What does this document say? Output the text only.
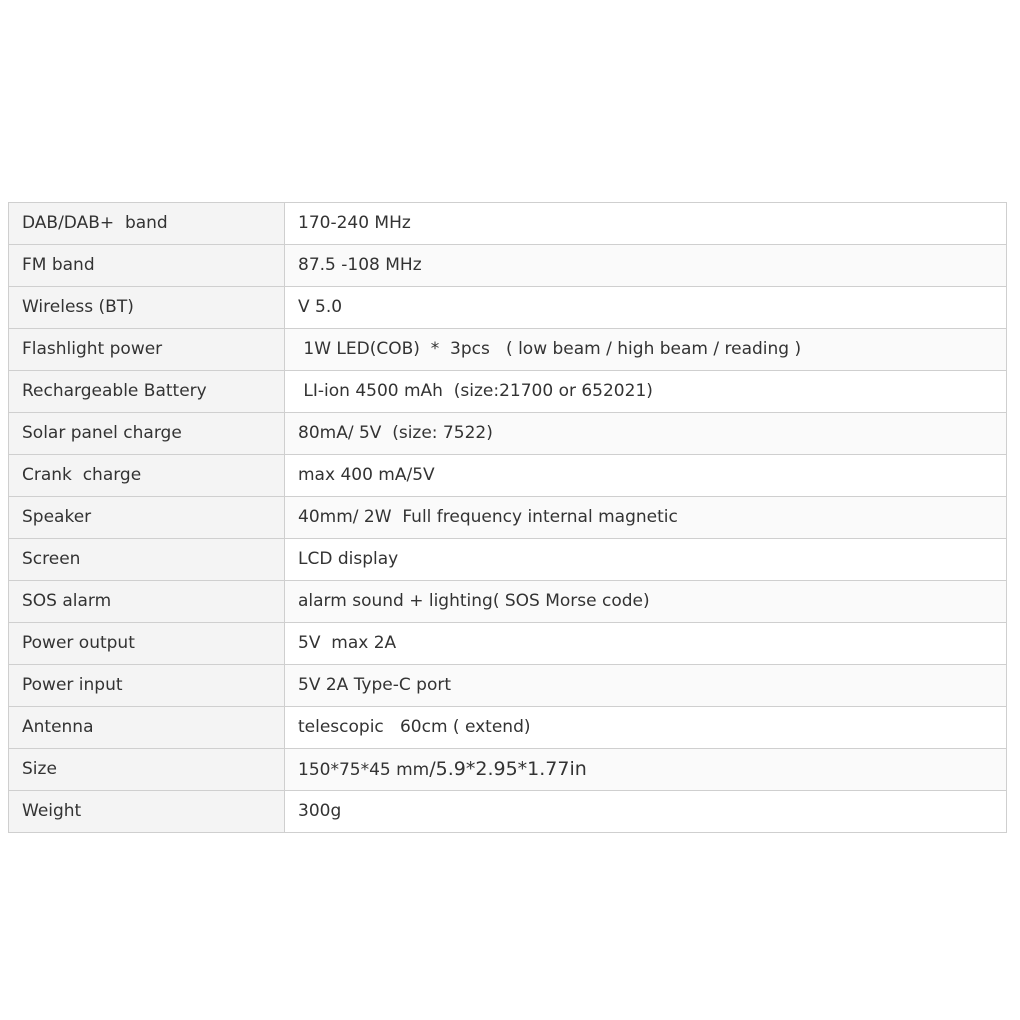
DAB/DAB+  band	170-240 MHz
FM band	87.5 -108 MHz
Wireless (BT)	V 5.0
Flashlight power	1W LED(COB)  *  3pcs   ( low beam / high beam / reading )
Rechargeable Battery	LI-ion 4500 mAh  (size:21700 or 652021)
Solar panel charge	80mA/ 5V  (size: 7522)
Crank  charge	max 400 mA/5V
Speaker	40mm/ 2W  Full frequency internal magnetic
Screen	LCD display
SOS alarm	alarm sound + lighting( SOS Morse code)
Power output	5V  max 2A
Power input	5V 2A Type-C port
Antenna	telescopic   60cm ( extend)
Size	150*75*45 mm/5.9*2.95*1.77in
Weight	300g
